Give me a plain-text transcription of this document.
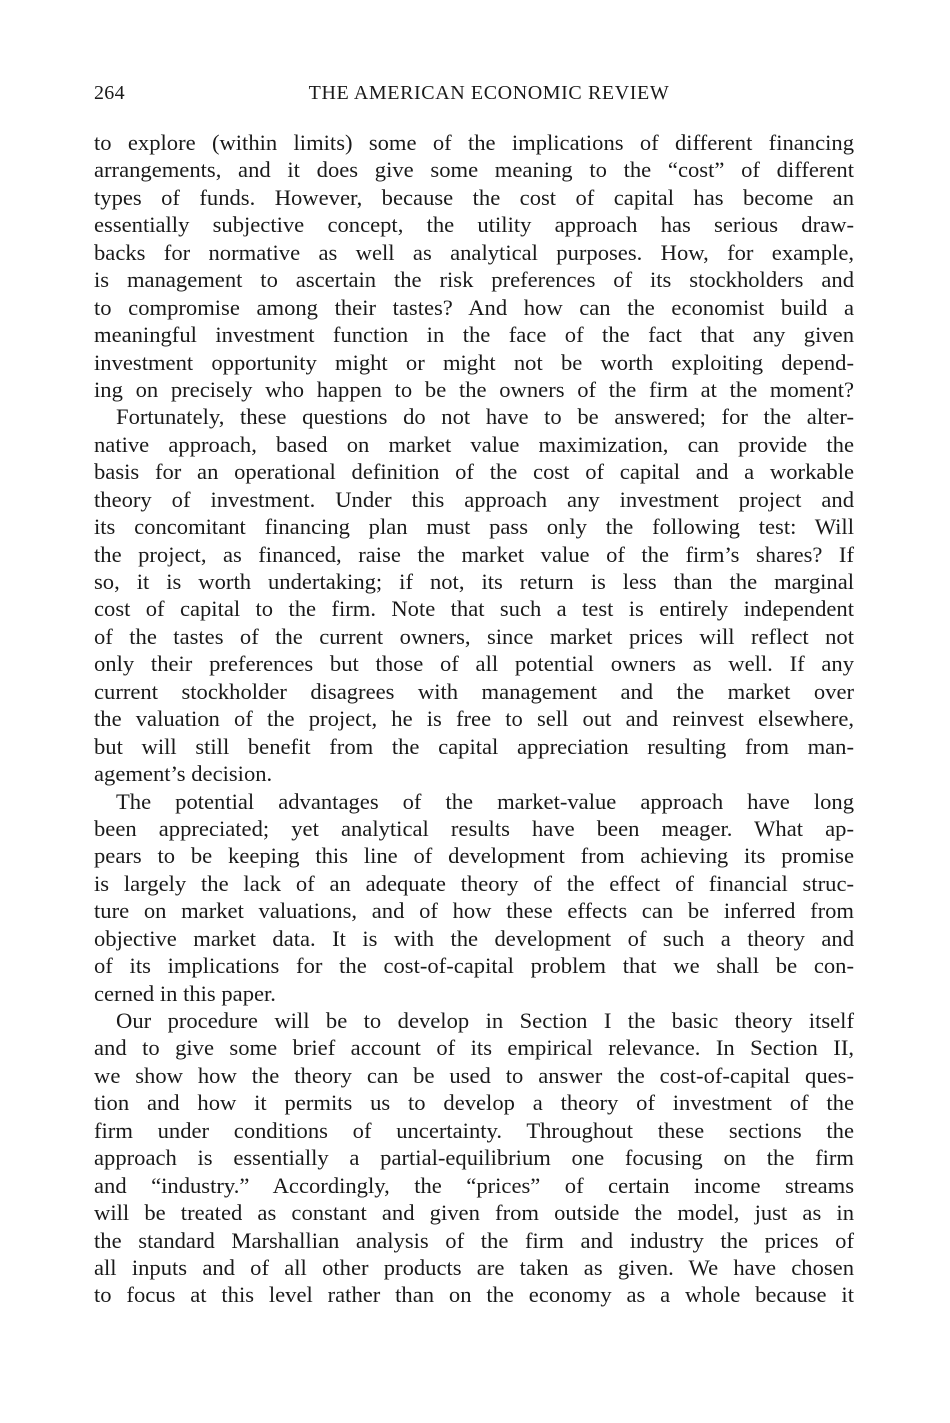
264	THE AMERICAN ECONOMIC REVIEW
to explore (within limits) some of the implications of different financing
arrangements, and it does give some meaning to the “cost” of different
types of funds. However, because the cost of capital has become an
essentially subjective concept, the utility approach has serious draw-
backs for normative as well as analytical purposes. How, for example,
is management to ascertain the risk preferences of its stockholders and
to compromise among their tastes? And how can the economist build a
meaningful investment function in the face of the fact that any given
investment opportunity might or might not be worth exploiting depend-
ing on precisely who happen to be the owners of the firm at the moment?
Fortunately, these questions do not have to be answered; for the alter-
native approach, based on market value maximization, can provide the
basis for an operational definition of the cost of capital and a workable
theory of investment. Under this approach any investment project and
its concomitant financing plan must pass only the following test: Will
the project, as financed, raise the market value of the firm’s shares? If
so, it is worth undertaking; if not, its return is less than the marginal
cost of capital to the firm. Note that such a test is entirely independent
of the tastes of the current owners, since market prices will reflect not
only their preferences but those of all potential owners as well. If any
current stockholder disagrees with management and the market over
the valuation of the project, he is free to sell out and reinvest elsewhere,
but will still benefit from the capital appreciation resulting from man-
agement’s decision.
The potential advantages of the market-value approach have long
been appreciated; yet analytical results have been meager. What ap-
pears to be keeping this line of development from achieving its promise
is largely the lack of an adequate theory of the effect of financial struc-
ture on market valuations, and of how these effects can be inferred from
objective market data. It is with the development of such a theory and
of its implications for the cost-of-capital problem that we shall be con-
cerned in this paper.
Our procedure will be to develop in Section I the basic theory itself
and to give some brief account of its empirical relevance. In Section II,
we show how the theory can be used to answer the cost-of-capital ques-
tion and how it permits us to develop a theory of investment of the
firm under conditions of uncertainty. Throughout these sections the
approach is essentially a partial-equilibrium one focusing on the firm
and “industry.” Accordingly, the “prices” of certain income streams
will be treated as constant and given from outside the model, just as in
the standard Marshallian analysis of the firm and industry the prices of
all inputs and of all other products are taken as given. We have chosen
to focus at this level rather than on the economy as a whole because it
